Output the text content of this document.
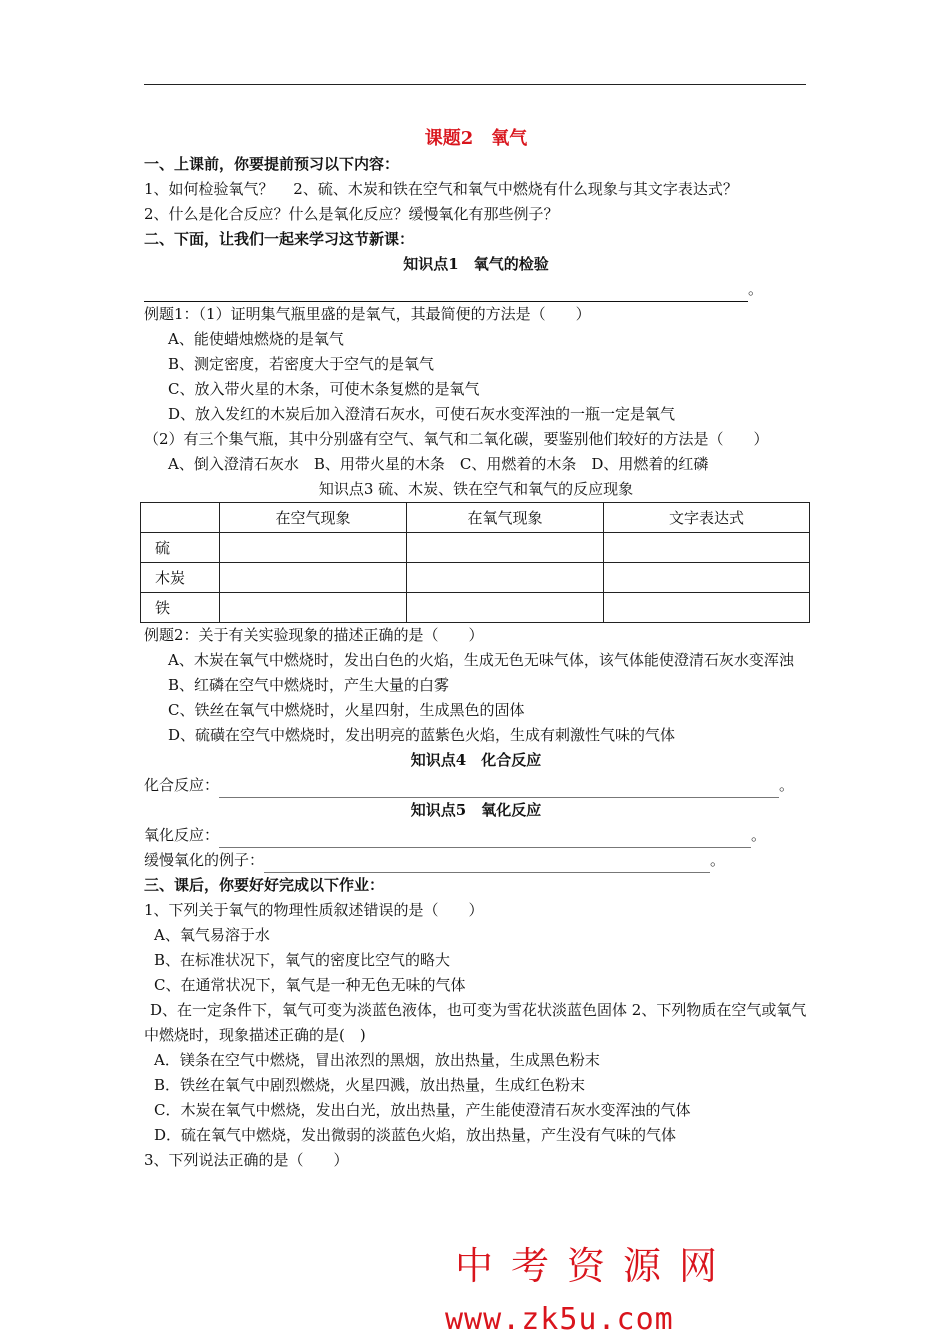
课题2　氧气
一、上课前，你要提前预习以下内容：
1、如何检验氧气？　 2、硫、木炭和铁在空气和氧气中燃烧有什么现象与其文字表达式？
2、什么是化合反应？什么是氧化反应？缓慢氧化有那些例子？
二、下面，让我们一起来学习这节新课：
知识点1　氧气的检验
。
例题1：（1）证明集气瓶里盛的是氧气，其最简便的方法是（　　）
A、能使蜡烛燃烧的是氧气
B、测定密度，若密度大于空气的是氧气
C、放入带火星的木条，可使木条复燃的是氧气
D、放入发红的木炭后加入澄清石灰水，可使石灰水变浑浊的一瓶一定是氧气
（2）有三个集气瓶，其中分别盛有空气、氧气和二氧化碳，要鉴别他们较好的方法是（　　）
A、倒入澄清石灰水　B、用带火星的木条　C、用燃着的木条　D、用燃着的红磷
知识点3 硫、木炭、铁在空气和氧气的反应现象
	在空气现象	在氧气现象	文字表达式
硫			
木炭			
铁			
例题2：关于有关实验现象的描述正确的是（　　）
A、木炭在氧气中燃烧时，发出白色的火焰，生成无色无味气体，该气体能使澄清石灰水变浑浊
B、红磷在空气中燃烧时，产生大量的白雾
C、铁丝在氧气中燃烧时，火星四射，生成黑色的固体
D、硫磺在空气中燃烧时，发出明亮的蓝紫色火焰，生成有刺激性气味的气体
知识点4　化合反应
化合反应：	。
知识点5　氧化反应
氧化反应：	。
缓慢氧化的例子：	。
三、课后，你要好好完成以下作业：
1、下列关于氧气的物理性质叙述错误的是（　　）
A、氧气易溶于水
B、在标准状况下，氧气的密度比空气的略大
C、在通常状况下，氧气是一种无色无味的气体
D、在一定条件下，氧气可变为淡蓝色液体，也可变为雪花状淡蓝色固体 2、下列物质在空气或氧气中燃烧时，现象描述正确的是(　)
A．镁条在空气中燃烧，冒出浓烈的黑烟，放出热量，生成黑色粉末
B．铁丝在氧气中剧烈燃烧，火星四溅，放出热量，生成红色粉末
C．木炭在氧气中燃烧，发出白光，放出热量，产生能使澄清石灰水变浑浊的气体
D．硫在氧气中燃烧，发出微弱的淡蓝色火焰，放出热量，产生没有气味的气体
3、下列说法正确的是（　　）
中考资源网
www.zk5u.com
